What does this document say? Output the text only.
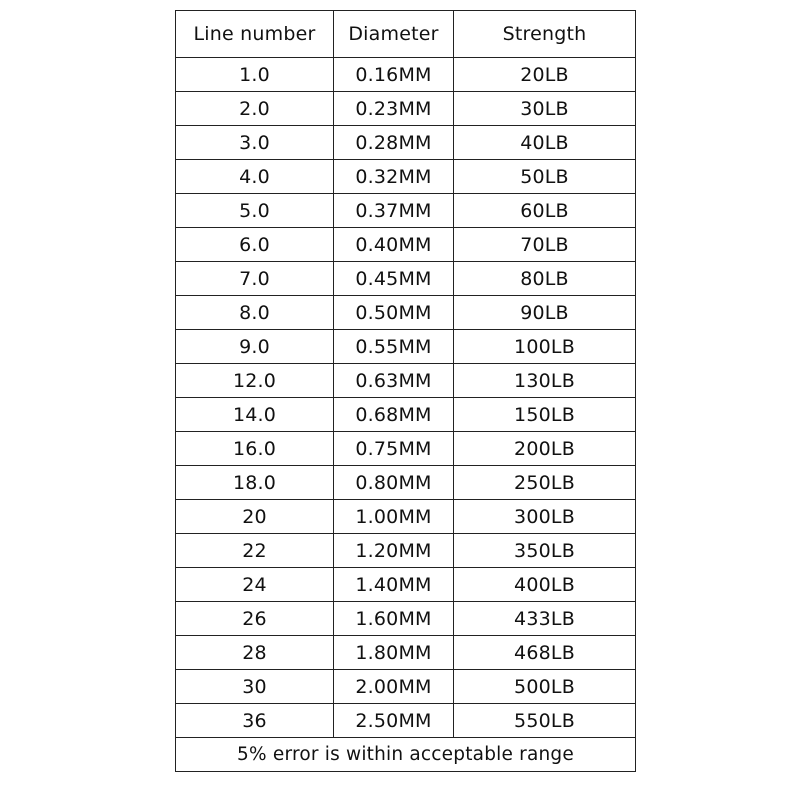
Line number	Diameter	Strength
1.0	0.16MM	20LB
2.0	0.23MM	30LB
3.0	0.28MM	40LB
4.0	0.32MM	50LB
5.0	0.37MM	60LB
6.0	0.40MM	70LB
7.0	0.45MM	80LB
8.0	0.50MM	90LB
9.0	0.55MM	100LB
12.0	0.63MM	130LB
14.0	0.68MM	150LB
16.0	0.75MM	200LB
18.0	0.80MM	250LB
20	1.00MM	300LB
22	1.20MM	350LB
24	1.40MM	400LB
26	1.60MM	433LB
28	1.80MM	468LB
30	2.00MM	500LB
36	2.50MM	550LB
5% error is within acceptable range		
